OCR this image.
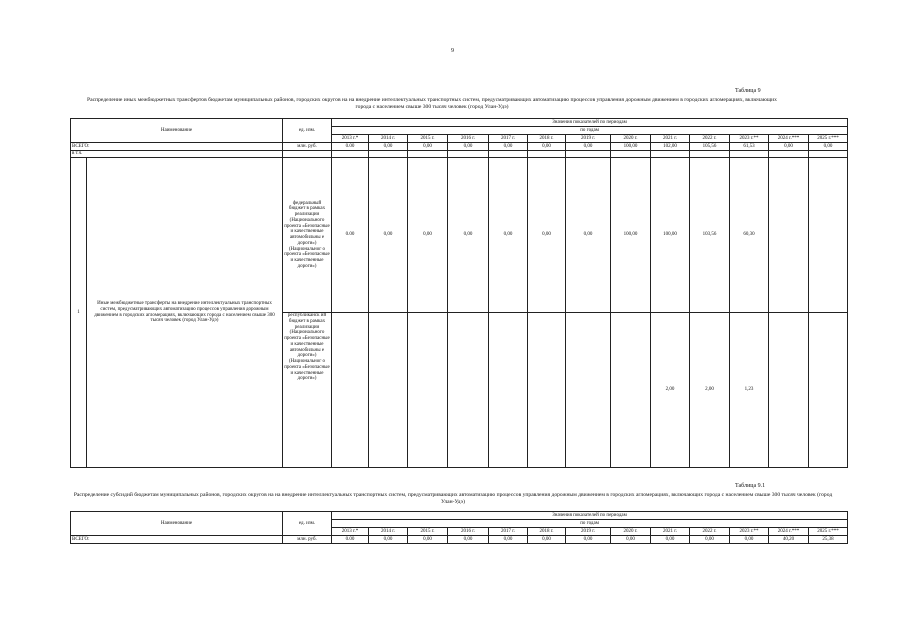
9
Таблица 9
Распределение иных межбюджетных трансфертов бюджетам муниципальных районов, городских округов на на внедрение интеллектуальных транспортных систем, предусматривающих автоматизацию процессов управления дорожным движением в городских агломерациях, включающих города с населением свыше 300 тысяч человек (город Улан-Удэ)
Наименование		ед. изм.	Значения показателей по периодам												
			по годам												
			2013 г.*	2014 г.	2015 г.	2016 г.	2017 г.	2018 г.	2019 г.	2020 г.	2021 г.	2022 г.	2023 г.**	2024 г.***	2025 г.***
ВСЕГО:		млн. руб.	0.00	0,00	0,00	0,00	0,00	0,00	0,00	100,00	102,00	105,56	61,53	0,00	0,00
в т.ч.															
1	Иные межбюджетные трансферты на внедрение интеллектуальных транспортных систем, предусматривающих автоматизацию процессов управления дорожным движением в городских агломерациях, включающих города с населением свыше 300 тысяч человек (город Улан-Удэ)	федеральный бюджет в рамках реализации (Национального проекта «Безопасные и качественные автомобильны е дороги») (Национальног о проекта «Безопасные и качественные дороги»)	0.00	0,00	0,00	0,00	0,00	0,00	0,00	100,00	100,00	103,56	60,30		
		республиканск ий бюджет в рамках реализации (Национального проекта «Безопасные и качественные автомобильны е дороги») (Национальног о проекта «Безопасные и качественные дороги»)									2,00	2,00	1,23		
Таблица 9.1
Распределение субсидий бюджетам муниципальных районов, городских округов на на внедрение интеллектуальных транспортных систем, предусматривающих автоматизацию процессов управления дорожным движением в городских агломерациях, включающих города с населением свыше 300 тысяч человек (город Улан-Удэ)
Наименование	ед. изм.	Значения показателей по периодам												
		по годам												
		2013 г.*	2014 г.	2015 г.	2016 г.	2017 г.	2018 г.	2019 г.	2020 г.	2021 г.	2022 г.	2023 г.**	2024 г.***	2025 г.***
ВСЕГО:	млн. руб.	0.00	0,00	0,00	0,00	0,00	0,00	0,00	0,00	0,00	0,00	0,00	40,20	25,38
